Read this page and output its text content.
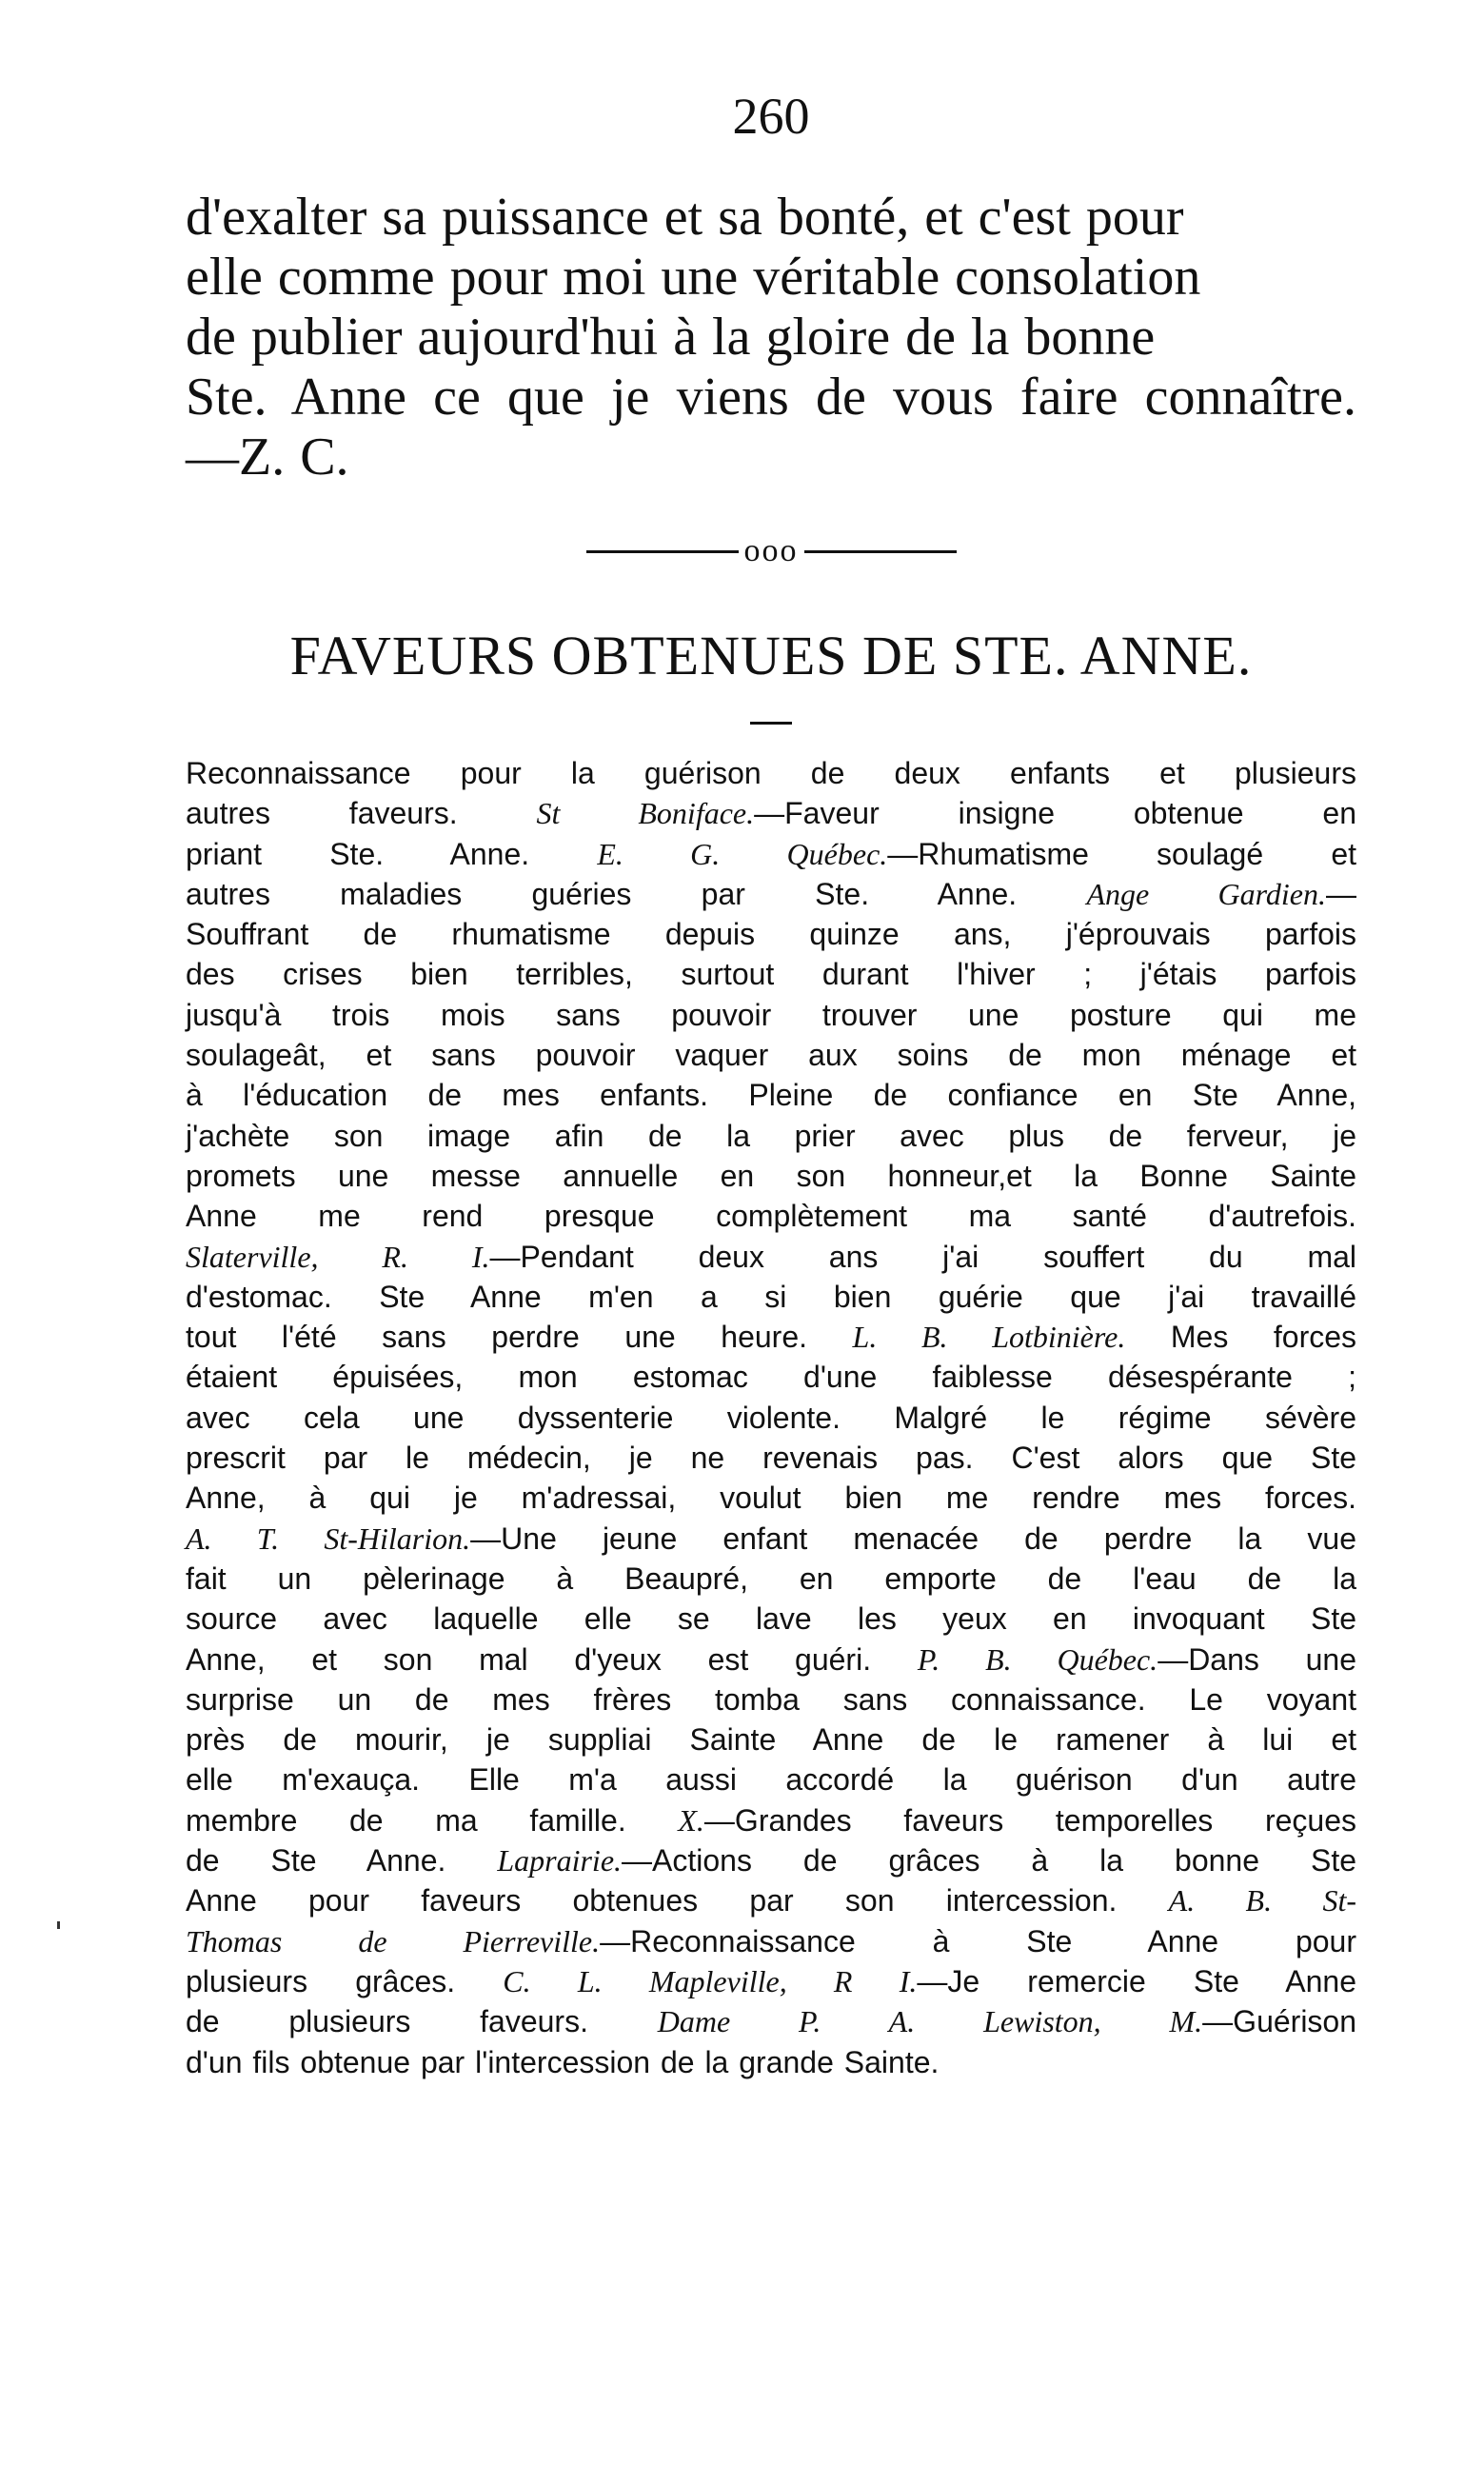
260
d'exalter sa puissance et sa bonté, et c'est pour
elle comme pour moi une véritable consolation
de publier aujourd'hui à la gloire de la bonne
Ste. Anne ce que je viens de vous faire connaître.
—Z. C.
ooo
FAVEURS OBTENUES DE STE. ANNE.
Reconnaissance pour la guérison de deux enfants et plusieurs
autres faveurs. St Boniface.—Faveur insigne obtenue en
priant Ste. Anne. E. G. Québec.—Rhumatisme soulagé et
autres maladies guéries par Ste. Anne. Ange Gardien.—
Souffrant de rhumatisme depuis quinze ans, j'éprouvais parfois
des crises bien terribles, surtout durant l'hiver ; j'étais parfois
jusqu'à trois mois sans pouvoir trouver une posture qui me
soulageât, et sans pouvoir vaquer aux soins de mon ménage et
à l'éducation de mes enfants. Pleine de confiance en Ste Anne,
j'achète son image afin de la prier avec plus de ferveur, je
promets une messe annuelle en son honneur,et la Bonne Sainte
Anne me rend presque complètement ma santé d'autrefois.
Slaterville, R. I.—Pendant deux ans j'ai souffert du mal
d'estomac. Ste Anne m'en a si bien guérie que j'ai travaillé
tout l'été sans perdre une heure. L. B. Lotbinière. Mes forces
étaient épuisées, mon estomac d'une faiblesse désespérante ;
avec cela une dyssenterie violente. Malgré le régime sévère
prescrit par le médecin, je ne revenais pas. C'est alors que Ste
Anne, à qui je m'adressai, voulut bien me rendre mes forces.
A. T. St-Hilarion.—Une jeune enfant menacée de perdre la vue
fait un pèlerinage à Beaupré, en emporte de l'eau de la
source avec laquelle elle se lave les yeux en invoquant Ste
Anne, et son mal d'yeux est guéri. P. B. Québec.—Dans une
surprise un de mes frères tomba sans connaissance. Le voyant
près de mourir, je suppliai Sainte Anne de le ramener à lui et
elle m'exauça. Elle m'a aussi accordé la guérison d'un autre
membre de ma famille. X.—Grandes faveurs temporelles reçues
de Ste Anne. Laprairie.—Actions de grâces à la bonne Ste
Anne pour faveurs obtenues par son intercession. A. B. St-
Thomas de Pierreville.—Reconnaissance à Ste Anne pour
plusieurs grâces. C. L. Mapleville, R I.—Je remercie Ste Anne
de plusieurs faveurs. Dame P. A. Lewiston, M.—Guérison
d'un fils obtenue par l'intercession de la grande Sainte.
